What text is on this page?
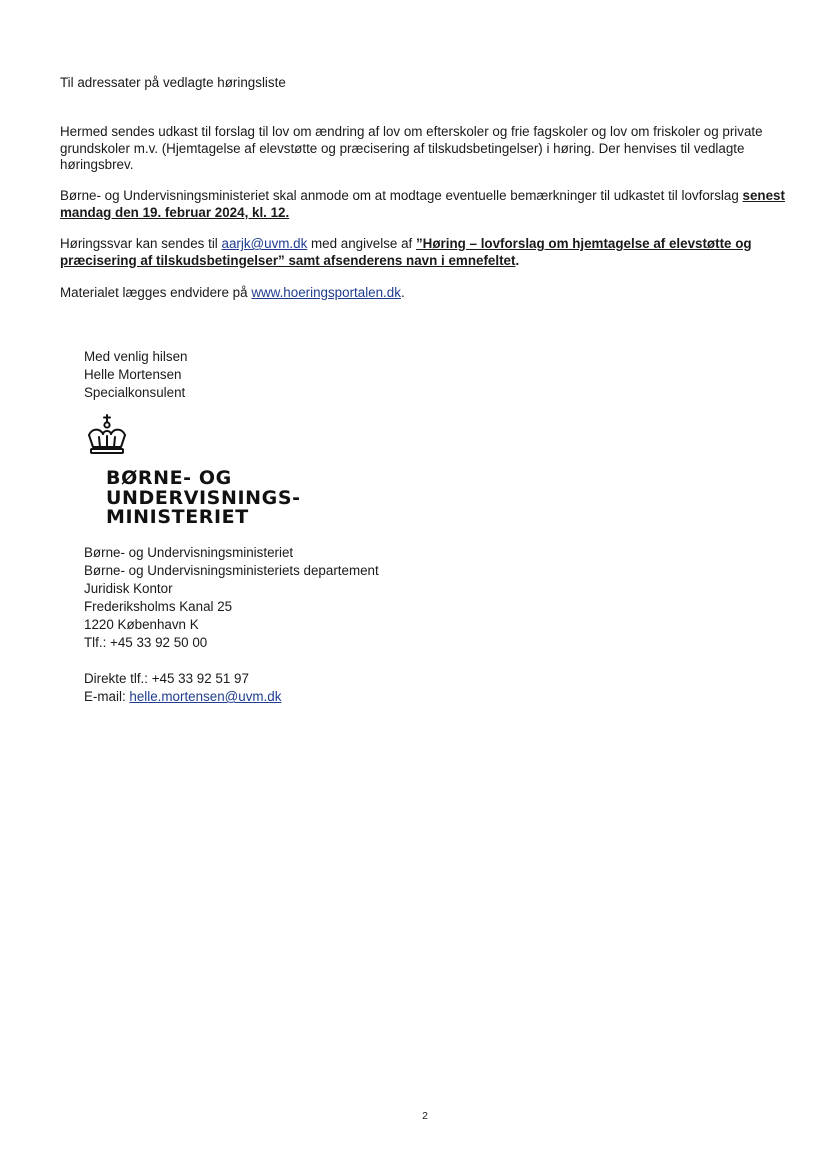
Til adressater på vedlagte høringsliste

Hermed sendes udkast til forslag til lov om ændring af lov om efterskoler og frie fagskoler og lov om friskoler og private grundskoler m.v. (Hjemtagelse af elevstøtte og præcisering af tilskudsbetingelser) i høring. Der henvises til vedlagte høringsbrev.

Børne- og Undervisningsministeriet skal anmode om at modtage eventuelle bemærkninger til udkastet til lovforslag senest mandag den 19. februar 2024, kl. 12.

Høringssvar kan sendes til aarjk@uvm.dk med angivelse af ”Høring – lovforslag om hjemtagelse af elevstøtte og præcisering af tilskudsbetingelser” samt afsenderens navn i emnefeltet.

Materialet lægges endvidere på www.hoeringsportalen.dk.

Med venlig hilsen

Helle Mortensen

Specialkonsulent

BØRNE- OG
UNDERVISNINGS-
MINISTERIET

Børne- og Undervisningsministeriet

Børne- og Undervisningsministeriets departement

Juridisk Kontor

Frederiksholms Kanal 25

1220 København K

Tlf.: +45 33 92 50 00

Direkte tlf.: +45 33 92 51 97

E-mail: helle.mortensen@uvm.dk

2
